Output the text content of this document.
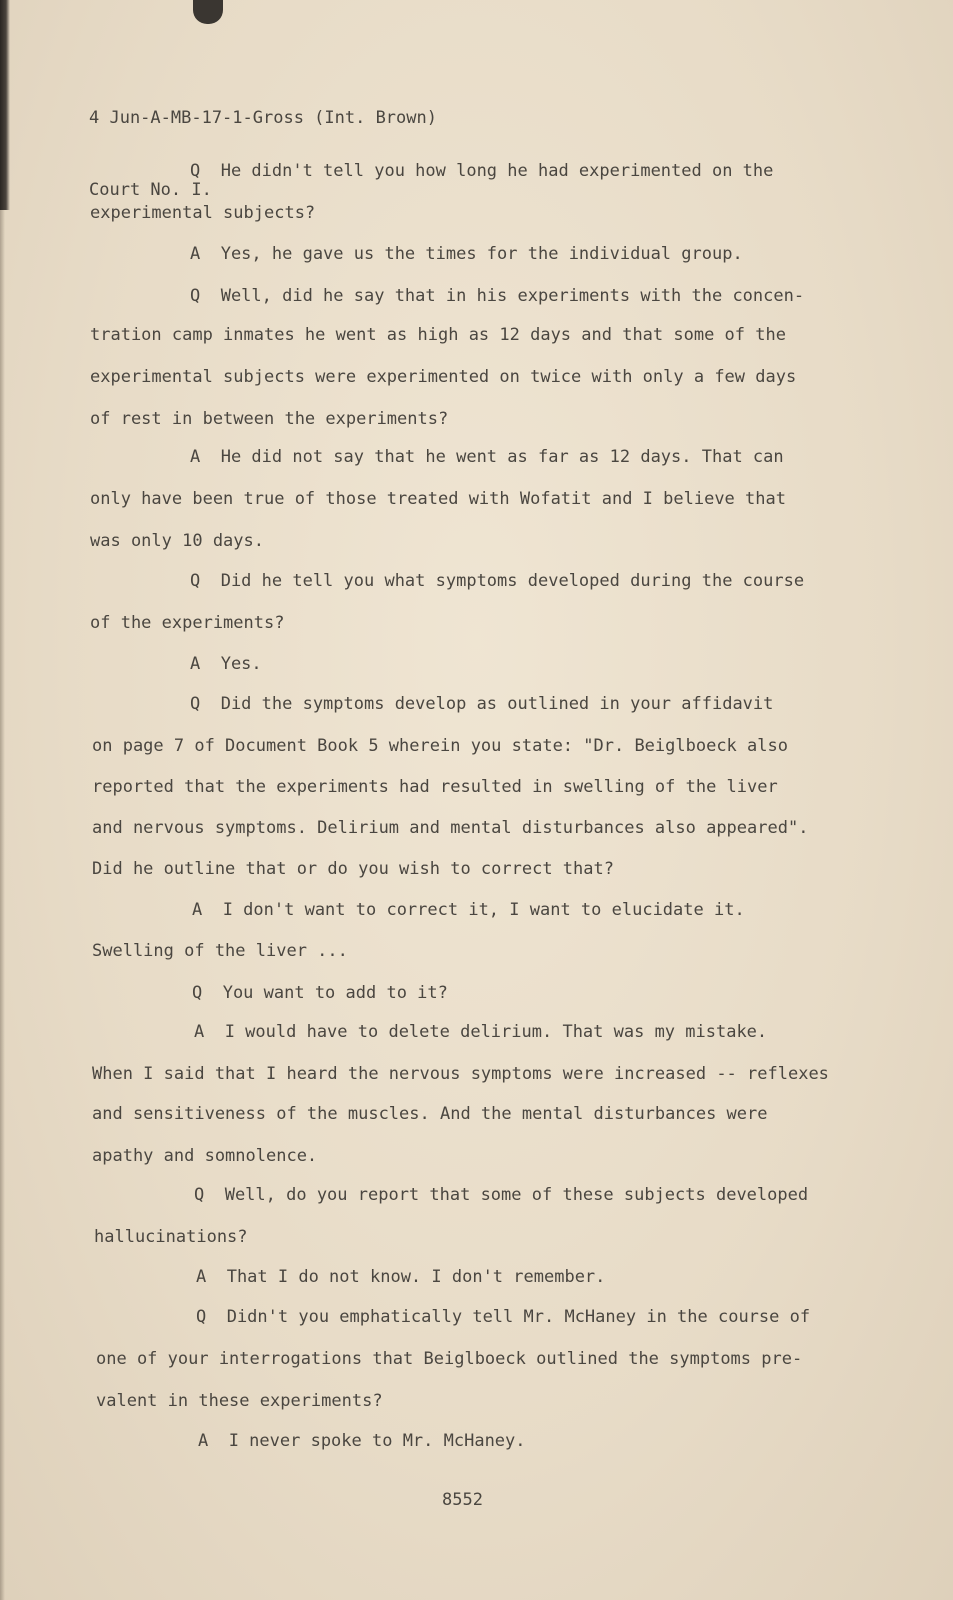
4 Jun-A-MB-17-1-Gross (Int. Brown)

Court No. I.

Q  He didn't tell you how long he had experimented on the
experimental subjects?
A  Yes, he gave us the times for the individual group.
Q  Well, did he say that in his experiments with the concen-
tration camp inmates he went as high as 12 days and that some of the
experimental subjects were experimented on twice with only a few days
of rest in between the experiments?
A  He did not say that he went as far as 12 days. That can
only have been true of those treated with Wofatit and I believe that
was only 10 days.
Q  Did he tell you what symptoms developed during the course
of the experiments?
A  Yes.
Q  Did the symptoms develop as outlined in your affidavit
on page 7 of Document Book 5 wherein you state: "Dr. Beiglboeck also
reported that the experiments had resulted in swelling of the liver
and nervous symptoms. Delirium and mental disturbances also appeared".
Did he outline that or do you wish to correct that?
A  I don't want to correct it, I want to elucidate it.
Swelling of the liver ...
Q  You want to add to it?
A  I would have to delete delirium. That was my mistake.
When I said that I heard the nervous symptoms were increased -- reflexes
and sensitiveness of the muscles. And the mental disturbances were
apathy and somnolence.
Q  Well, do you report that some of these subjects developed
hallucinations?
A  That I do not know. I don't remember.
Q  Didn't you emphatically tell Mr. McHaney in the course of
one of your interrogations that Beiglboeck outlined the symptoms pre-
valent in these experiments?
A  I never spoke to Mr. McHaney.
8552
